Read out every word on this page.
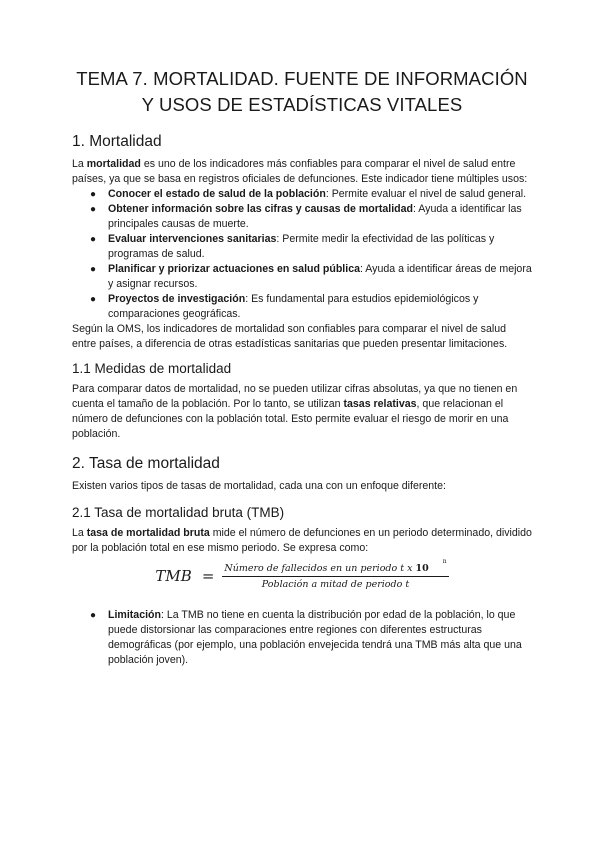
TEMA 7. MORTALIDAD. FUENTE DE INFORMACIÓN
Y USOS DE ESTADÍSTICAS VITALES
1. Mortalidad

La mortalidad es uno de los indicadores más confiables para comparar el nivel de salud entre países, ya que se basa en registros oficiales de defunciones. Este indicador tiene múltiples usos:

● Conocer el estado de salud de la población: Permite evaluar el nivel de salud general.
● Obtener información sobre las cifras y causas de mortalidad: Ayuda a identificar las principales causas de muerte.
● Evaluar intervenciones sanitarias: Permite medir la efectividad de las políticas y programas de salud.
● Planificar y priorizar actuaciones en salud pública: Ayuda a identificar áreas de mejora y asignar recursos.
● Proyectos de investigación: Es fundamental para estudios epidemiológicos y comparaciones geográficas.

Según la OMS, los indicadores de mortalidad son confiables para comparar el nivel de salud entre países, a diferencia de otras estadísticas sanitarias que pueden presentar limitaciones.

1.1 Medidas de mortalidad

Para comparar datos de mortalidad, no se pueden utilizar cifras absolutas, ya que no tienen en cuenta el tamaño de la población. Por lo tanto, se utilizan tasas relativas, que relacionan el número de defunciones con la población total. Esto permite evaluar el riesgo de morir en una población.

2. Tasa de mortalidad

Existen varios tipos de tasas de mortalidad, cada una con un enfoque diferente:

2.1 Tasa de mortalidad bruta (TMB)

La tasa de mortalidad bruta mide el número de defunciones en un periodo determinado, dividido por la población total en ese mismo periodo. Se expresa como:

TMB = $\frac{Número de fallecidos en un periodo t x 10^n}{\text{Población a mitad de periodo t}}$
● Limitación: La TMB no tiene en cuenta la distribución por edad de la población, lo que puede distorsionar las comparaciones entre regiones con diferentes estructuras demográficas (por ejemplo, una población envejecida tendrá una TMB más alta que una población joven).
